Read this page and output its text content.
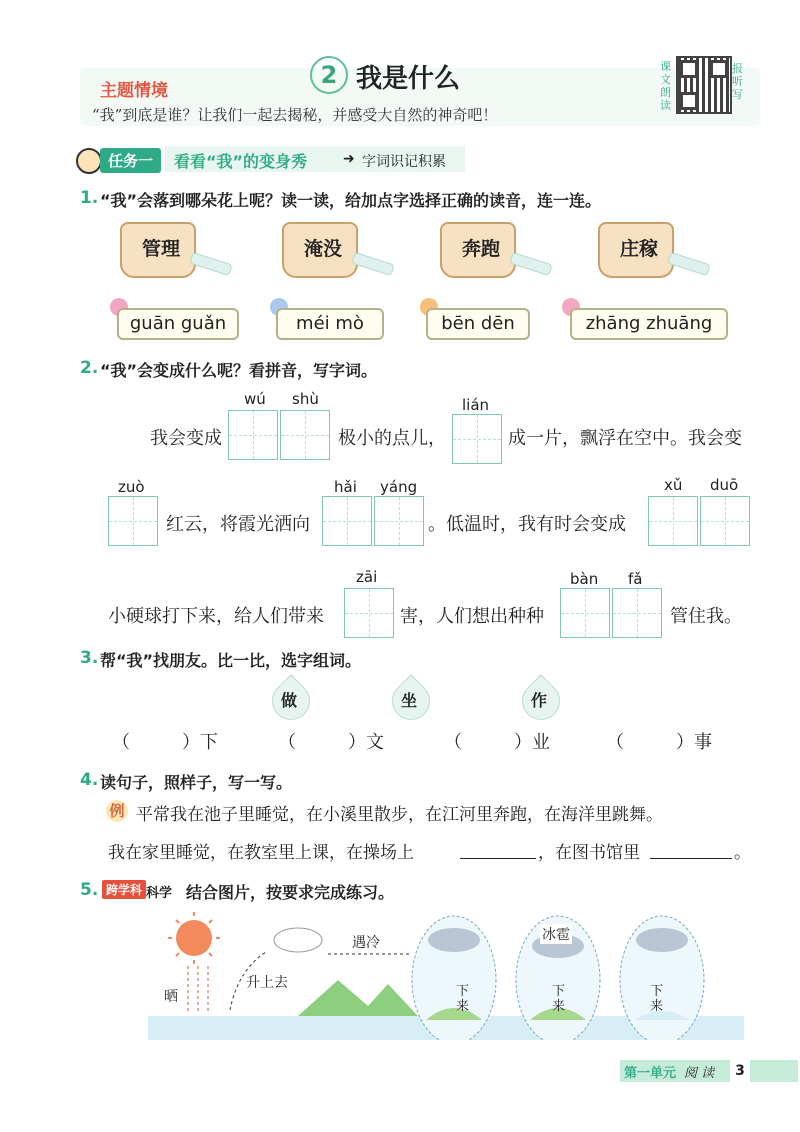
主题情境
“我”到底是谁？让我们一起去揭秘，并感受大自然的神奇吧！
2 我是什么	课
文
朗
读
报
听
写
任务一	看看“我”的变身秀	➜ 字词识记积累
1. “我”会落到哪朵花上呢？读一读，给加点字选择正确的读音，连一连。
管理	淹没	奔跑	庄稼
guān guǎn	méi mò	bēn dēn	zhāng zhuāng
2. “我”会变成什么呢？看拼音，写字词。
wú shù	lián
我会变成	极小的点儿，	成一片，飘浮在空中。我会变
zuò	hǎi yáng	xǔ duō
红云，将霞光洒向	。低温时，我有时会变成
zāi	bàn fǎ
小硬球打下来，给人们带来	害，人们想出种种	管住我。
3. 帮“我”找朋友。比一比，选字组词。
做	坐	作
（	）下	（	）文	（	）业	（	）事
4. 读句子，照样子，写一写。
例 平常我在池子里睡觉，在小溪里散步，在江河里奔跑，在海洋里跳舞。
我在家里睡觉，在教室里上课，在操场上	，在图书馆里	。
5. 跨学科 科学 结合图片，按要求完成练习。
晒
升上去
遇冷	冰雹
下来
下来
下来
第一单元 阅 读	3
